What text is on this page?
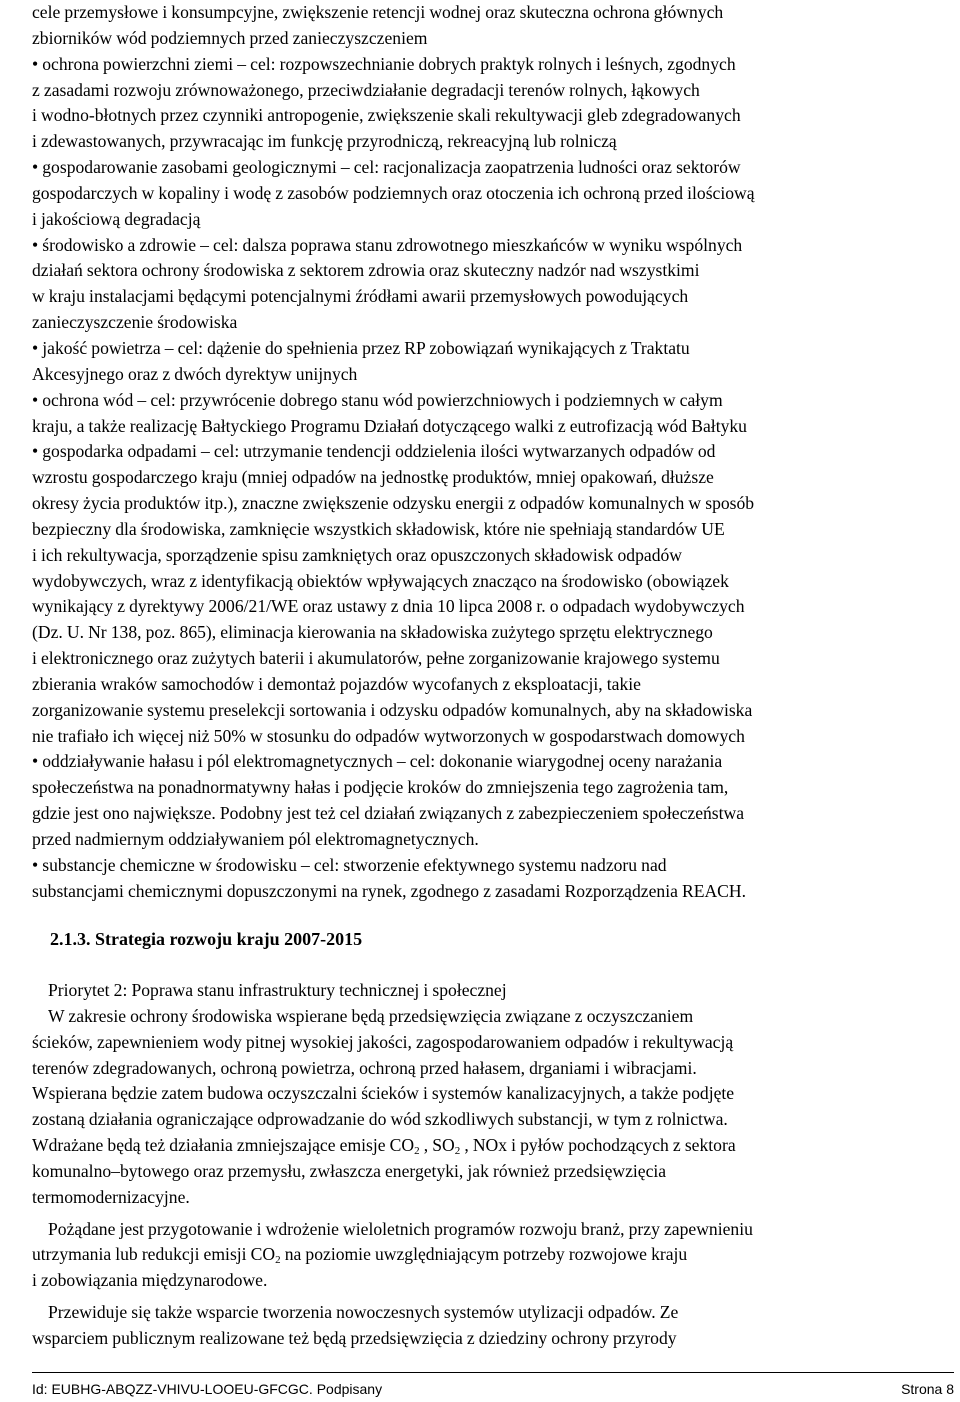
cele przemysłowe i konsumpcyjne, zwiększenie retencji wodnej oraz skuteczna ochrona głównych

zbiorników wód podziemnych przed zanieczyszczeniem

• ochrona powierzchni ziemi – cel: rozpowszechnianie dobrych praktyk rolnych i leśnych, zgodnych

z zasadami rozwoju zrównoważonego, przeciwdziałanie degradacji terenów rolnych, łąkowych

i wodno-błotnych przez czynniki antropogenie, zwiększenie skali rekultywacji gleb zdegradowanych

i zdewastowanych, przywracając im funkcję przyrodniczą, rekreacyjną lub rolniczą

• gospodarowanie zasobami geologicznymi – cel: racjonalizacja zaopatrzenia ludności oraz sektorów

gospodarczych w kopaliny i wodę z zasobów podziemnych oraz otoczenia ich ochroną przed ilościową

i jakościową degradacją

• środowisko a zdrowie – cel: dalsza poprawa stanu zdrowotnego mieszkańców w wyniku wspólnych

działań sektora ochrony środowiska z sektorem zdrowia oraz skuteczny nadzór nad wszystkimi

w kraju instalacjami będącymi potencjalnymi źródłami awarii przemysłowych powodujących

zanieczyszczenie środowiska

• jakość powietrza – cel: dążenie do spełnienia przez RP zobowiązań wynikających z Traktatu

Akcesyjnego oraz z dwóch dyrektyw unijnych

• ochrona wód – cel: przywrócenie dobrego stanu wód powierzchniowych i podziemnych w całym

kraju, a także realizację Bałtyckiego Programu Działań dotyczącego walki z eutrofizacją wód Bałtyku

• gospodarka odpadami – cel: utrzymanie tendencji oddzielenia ilości wytwarzanych odpadów od

wzrostu gospodarczego kraju (mniej odpadów na jednostkę produktów, mniej opakowań, dłuższe

okresy życia produktów itp.), znaczne zwiększenie odzysku energii z odpadów komunalnych w sposób

bezpieczny dla środowiska, zamknięcie wszystkich składowisk, które nie spełniają standardów UE

i ich rekultywacja, sporządzenie spisu zamkniętych oraz opuszczonych składowisk odpadów

wydobywczych, wraz z identyfikacją obiektów wpływających znacząco na środowisko (obowiązek

wynikający z dyrektywy 2006/21/WE oraz ustawy z dnia 10 lipca 2008 r. o odpadach wydobywczych

(Dz. U. Nr 138, poz. 865), eliminacja kierowania na składowiska zużytego sprzętu elektrycznego

i elektronicznego oraz zużytych baterii i akumulatorów, pełne zorganizowanie krajowego systemu

zbierania wraków samochodów i demontaż pojazdów wycofanych z eksploatacji, takie

zorganizowanie systemu preselekcji sortowania i odzysku odpadów komunalnych, aby na składowiska

nie trafiało ich więcej niż 50% w stosunku do odpadów wytworzonych w gospodarstwach domowych

• oddziaływanie hałasu i pól elektromagnetycznych – cel: dokonanie wiarygodnej oceny narażania

społeczeństwa na ponadnormatywny hałas i podjęcie kroków do zmniejszenia tego zagrożenia tam,

gdzie jest ono największe. Podobny jest też cel działań związanych z zabezpieczeniem społeczeństwa

przed nadmiernym oddziaływaniem pól elektromagnetycznych.

• substancje chemiczne w środowisku – cel: stworzenie efektywnego systemu nadzoru nad

substancjami chemicznymi dopuszczonymi na rynek, zgodnego z zasadami Rozporządzenia REACH.

2.1.3. Strategia rozwoju kraju 2007-2015

Priorytet 2: Poprawa stanu infrastruktury technicznej i społecznej

W zakresie ochrony środowiska wspierane będą przedsięwzięcia związane z oczyszczaniem

ścieków, zapewnieniem wody pitnej wysokiej jakości, zagospodarowaniem odpadów i rekultywacją

terenów zdegradowanych, ochroną powietrza, ochroną przed hałasem, drganiami i wibracjami.

Wspierana będzie zatem budowa oczyszczalni ścieków i systemów kanalizacyjnych, a także podjęte

zostaną działania ograniczające odprowadzanie do wód szkodliwych substancji, w tym z rolnictwa.

Wdrażane będą też działania zmniejszające emisje $CO_2$ , $SO_2$ , NOx i pyłów pochodzących z sektora

komunalno–bytowego oraz przemysłu, zwłaszcza energetyki, jak również przedsięwzięcia

termomodernizacyjne.

Pożądane jest przygotowanie i wdrożenie wieloletnich programów rozwoju branż, przy zapewnieniu

utrzymania lub redukcji emisji $CO_2$ na poziomie uwzględniającym potrzeby rozwojowe kraju

i zobowiązania międzynarodowe.

Przewiduje się także wsparcie tworzenia nowoczesnych systemów utylizacji odpadów. Ze

wsparciem publicznym realizowane też będą przedsięwzięcia z dziedziny ochrony przyrody

Id: EUBHG-ABQZZ-VHIVU-LOOEU-GFCGC. Podpisany	Strona 8
